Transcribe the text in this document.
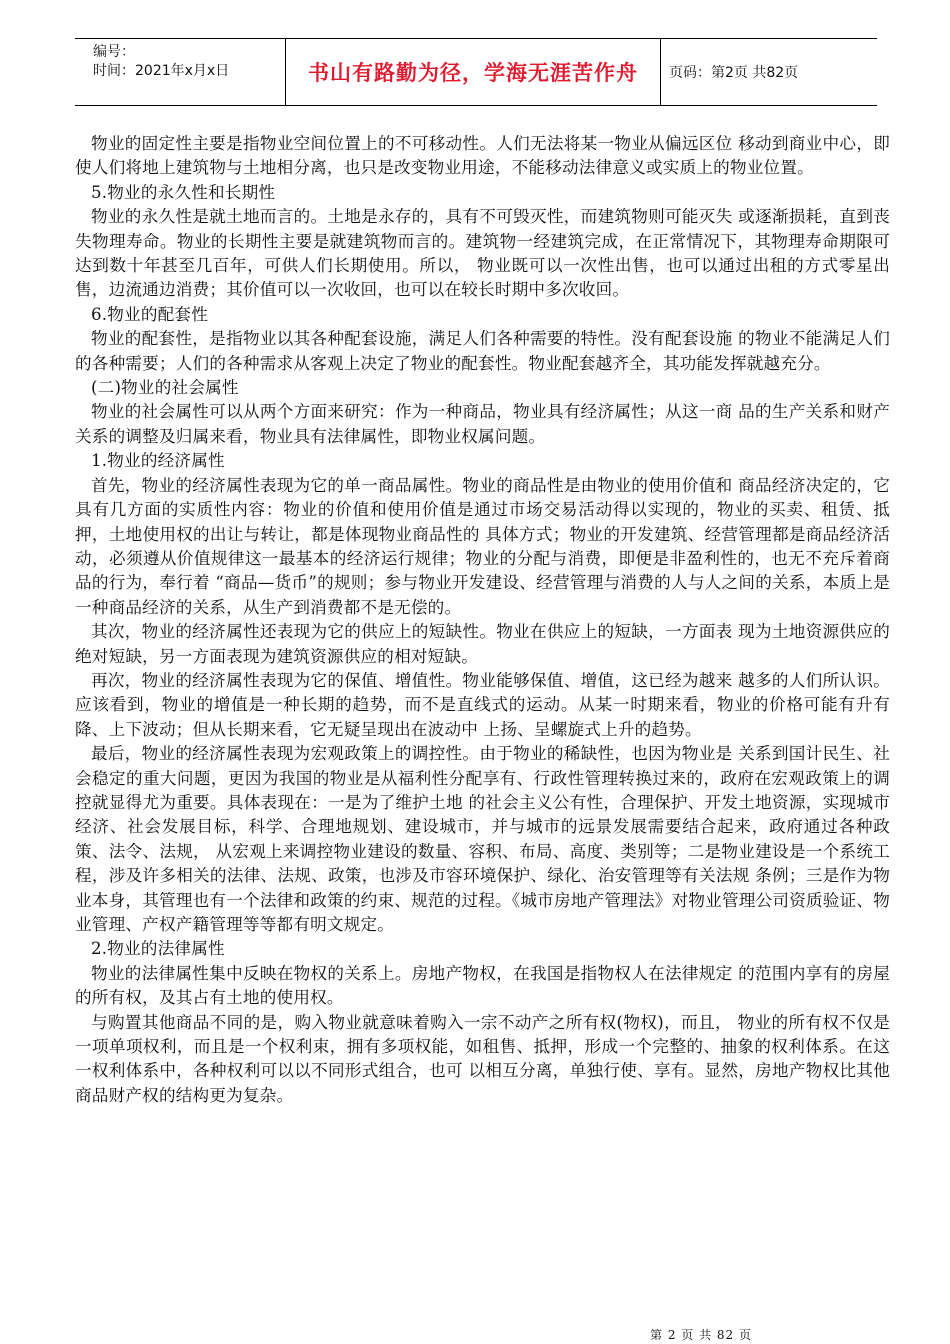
编号：
时间：2021年x月x日	书山有路勤为径，学海无涯苦作舟 页码：第2页 共82页

物业的固定性主要是指物业空间位置上的不可移动性。人们无法将某一物业从偏远区位 移动到商业中心，即使人们将地上建筑物与土地相分离，也只是改变物业用途，不能移动法律意义或实质上的物业位置。

5.物业的永久性和长期性

物业的永久性是就土地而言的。土地是永存的，具有不可毁灭性，而建筑物则可能灭失 或逐渐损耗，直到丧失物理寿命。物业的长期性主要是就建筑物而言的。建筑物一经建筑完成，在正常情况下，其物理寿命期限可达到数十年甚至几百年，可供人们长期使用。所以， 物业既可以一次性出售，也可以通过出租的方式零星出售，边流通边消费；其价值可以一次收回，也可以在较长时期中多次收回。

6.物业的配套性

物业的配套性，是指物业以其各种配套设施，满足人们各种需要的特性。没有配套设施 的物业不能满足人们的各种需要；人们的各种需求从客观上决定了物业的配套性。物业配套越齐全，其功能发挥就越充分。

(二)物业的社会属性

物业的社会属性可以从两个方面来研究：作为一种商品，物业具有经济属性；从这一商 品的生产关系和财产关系的调整及归属来看，物业具有法律属性，即物业权属问题。

1.物业的经济属性

首先，物业的经济属性表现为它的单一商品属性。物业的商品性是由物业的使用价值和 商品经济决定的，它具有几方面的实质性内容：物业的价值和使用价值是通过市场交易活动得以实现的，物业的买卖、租赁、抵押，土地使用权的出让与转让，都是体现物业商品性的 具体方式；物业的开发建筑、经营管理都是商品经济活动，必须遵从价值规律这一最基本的经济运行规律；物业的分配与消费，即便是非盈利性的，也无不充斥着商品的行为，奉行着 “商品—货币”的规则；参与物业开发建设、经营管理与消费的人与人之间的关系，本质上是一种商品经济的关系，从生产到消费都不是无偿的。

其次，物业的经济属性还表现为它的供应上的短缺性。物业在供应上的短缺，一方面表 现为土地资源供应的绝对短缺，另一方面表现为建筑资源供应的相对短缺。

再次，物业的经济属性表现为它的保值、增值性。物业能够保值、增值，这已经为越来 越多的人们所认识。应该看到，物业的增值是一种长期的趋势，而不是直线式的运动。从某一时期来看，物业的价格可能有升有降、上下波动；但从长期来看，它无疑呈现出在波动中 上扬、呈螺旋式上升的趋势。

最后，物业的经济属性表现为宏观政策上的调控性。由于物业的稀缺性，也因为物业是 关系到国计民生、社会稳定的重大问题，更因为我国的物业是从福利性分配享有、行政性管理转换过来的，政府在宏观政策上的调控就显得尤为重要。具体表现在：一是为了维护土地 的社会主义公有性，合理保护、开发土地资源，实现城市经济、社会发展目标，科学、合理地规划、建设城市，并与城市的远景发展需要结合起来，政府通过各种政策、法令、法规， 从宏观上来调控物业建设的数量、容积、布局、高度、类别等；二是物业建设是一个系统工程，涉及许多相关的法律、法规、政策，也涉及市容环境保护、绿化、治安管理等有关法规 条例；三是作为物业本身，其管理也有一个法律和政策的约束、规范的过程。《城市房地产管理法》对物业管理公司资质验证、物业管理、产权产籍管理等等都有明文规定。

2.物业的法律属性

物业的法律属性集中反映在物权的关系上。房地产物权，在我国是指物权人在法律规定 的范围内享有的房屋的所有权，及其占有土地的使用权。

与购置其他商品不同的是，购入物业就意味着购入一宗不动产之所有权(物权)，而且， 物业的所有权不仅是一项单项权利，而且是一个权利束，拥有多项权能，如租售、抵押，形成一个完整的、抽象的权利体系。在这一权利体系中，各种权利可以以不同形式组合，也可 以相互分离，单独行使、享有。显然，房地产物权比其他商品财产权的结构更为复杂。

第 2 页 共 82 页
